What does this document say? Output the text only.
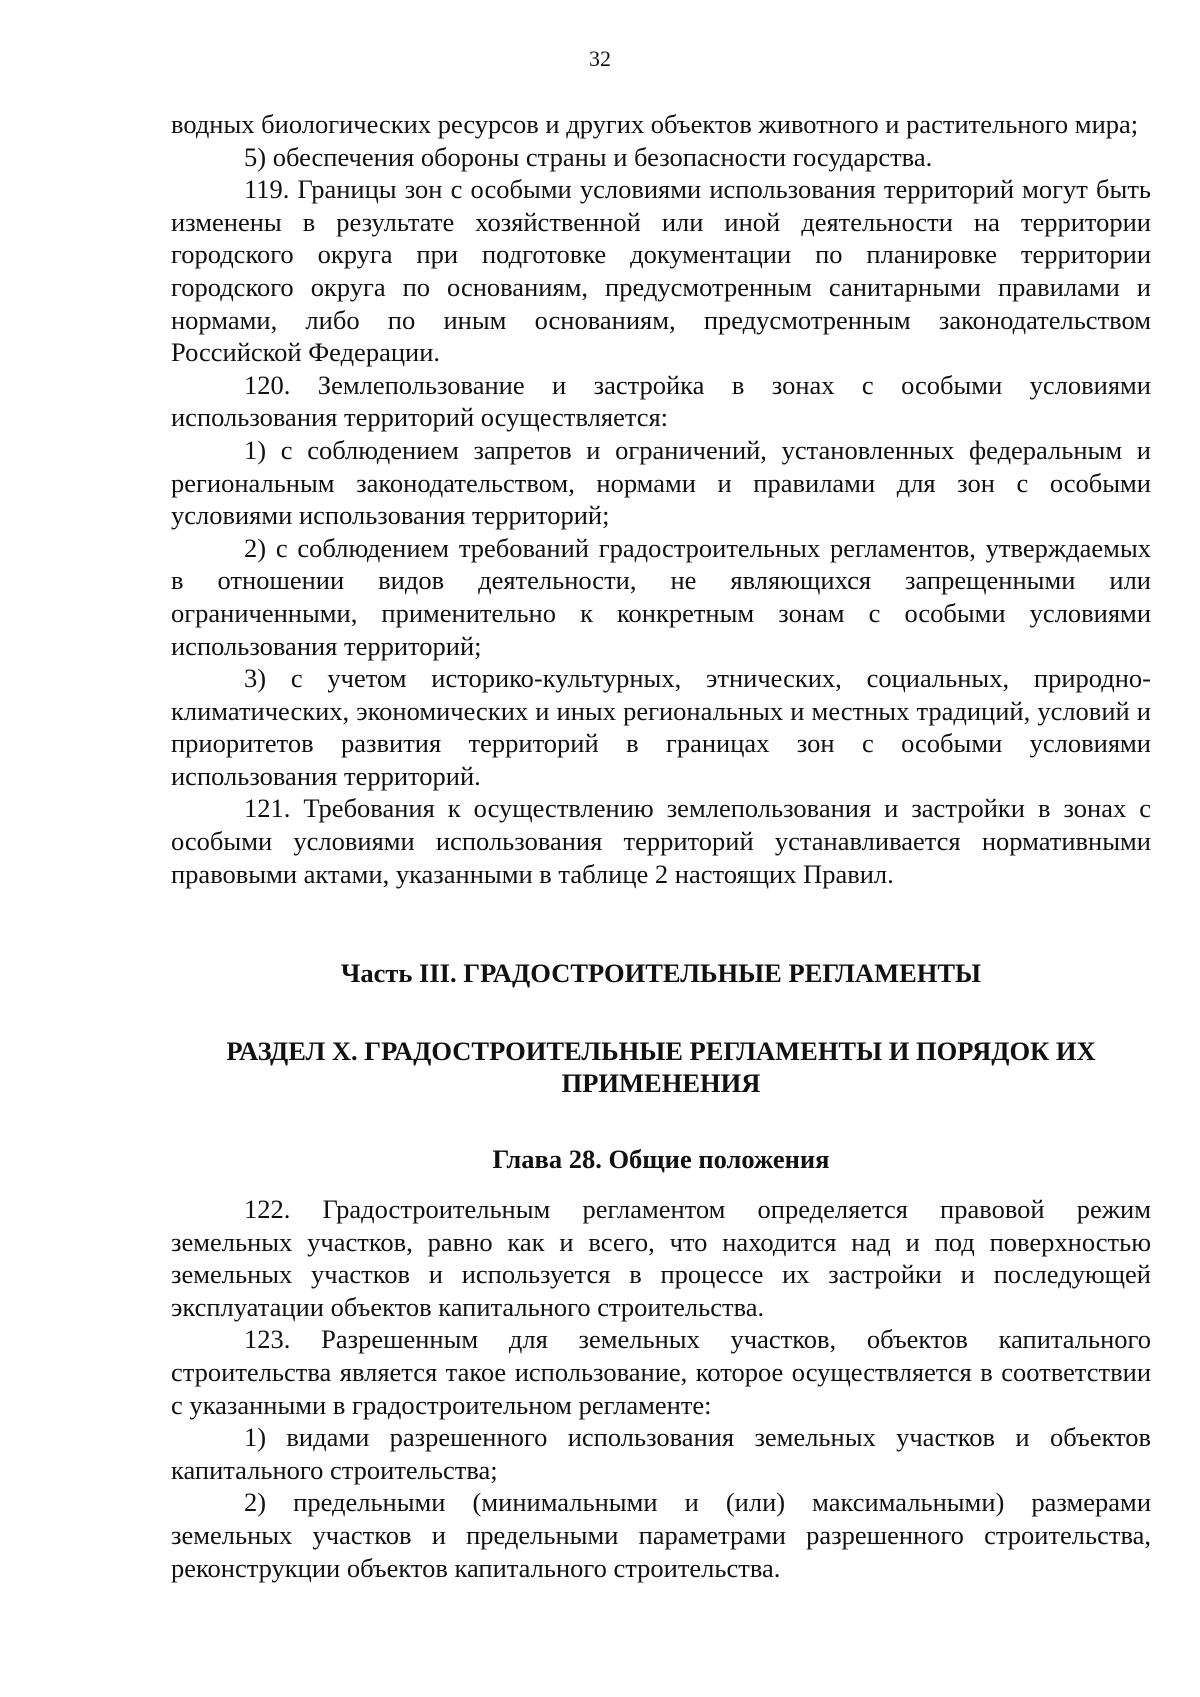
32

водных биологических ресурсов и других объектов животного и растительного мира;

5) обеспечения обороны страны и безопасности государства.

119. Границы зон с особыми условиями использования территорий могут быть изменены в результате хозяйственной или иной деятельности на территории городского округа при подготовке документации по планировке территории городского округа по основаниям, предусмотренным санитарными правилами и нормами, либо по иным основаниям, предусмотренным законодательством Российской Федерации.

120. Землепользование и застройка в зонах с особыми условиями использования территорий осуществляется:

1) с соблюдением запретов и ограничений, установленных федеральным и региональным законодательством, нормами и правилами для зон с особыми условиями использования территорий;

2) с соблюдением требований градостроительных регламентов, утверждаемых в отношении видов деятельности, не являющихся запрещенными или ограниченными, применительно к конкретным зонам с особыми условиями использования территорий;

3) с учетом историко-культурных, этнических, социальных, природно-климатических, экономических и иных региональных и местных традиций, условий и приоритетов развития территорий в границах зон с особыми условиями использования территорий.

121. Требования к осуществлению землепользования и застройки в зонах с особыми условиями использования территорий устанавливается нормативными правовыми актами, указанными в таблице 2 настоящих Правил.

Часть III. ГРАДОСТРОИТЕЛЬНЫЕ РЕГЛАМЕНТЫ
РАЗДЕЛ X. ГРАДОСТРОИТЕЛЬНЫЕ РЕГЛАМЕНТЫ И ПОРЯДОК ИХ ПРИМЕНЕНИЯ
Глава 28. Общие положения

122. Градостроительным регламентом определяется правовой режим земельных участков, равно как и всего, что находится над и под поверхностью земельных участков и используется в процессе их застройки и последующей эксплуатации объектов капитального строительства.

123. Разрешенным для земельных участков, объектов капитального строительства является такое использование, которое осуществляется в соответствии с указанными в градостроительном регламенте:

1) видами разрешенного использования земельных участков и объектов капитального строительства;

2) предельными (минимальными и (или) максимальными) размерами земельных участков и предельными параметрами разрешенного строительства, реконструкции объектов капитального строительства.
